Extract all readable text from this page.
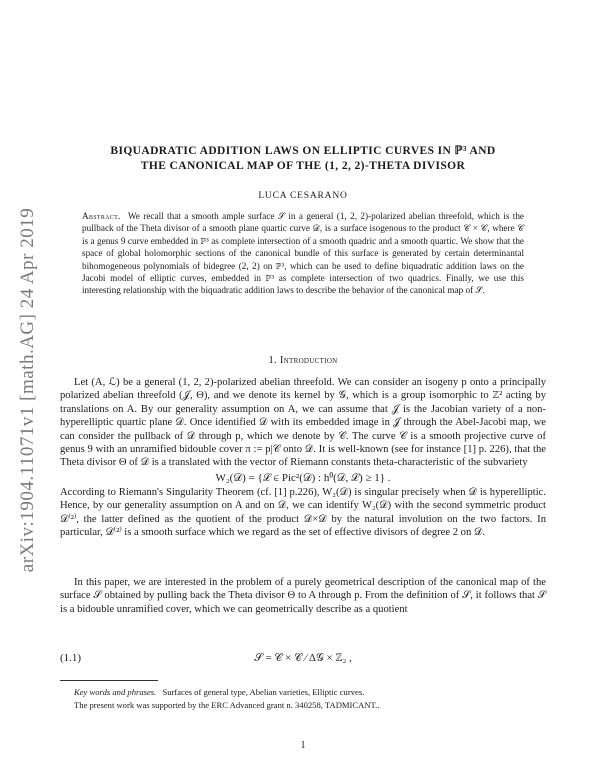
arXiv:1904.11071v1 [math.AG] 24 Apr 2019
BIQUADRATIC ADDITION LAWS ON ELLIPTIC CURVES IN ℙ³ AND
THE CANONICAL MAP OF THE (1, 2, 2)-THETA DIVISOR
LUCA CESARANO
Abstract. We recall that a smooth ample surface 𝒮 in a general (1, 2, 2)-polarized abelian threefold, which is the pullback of the Theta divisor of a smooth plane quartic curve 𝒟, is a surface isogenous to the product 𝒞 × 𝒞, where 𝒞 is a genus 9 curve embedded in ℙ³ as complete intersection of a smooth quadric and a smooth quartic. We show that the space of global holomorphic sections of the canonical bundle of this surface is generated by certain determinantal bihomogeneous polynomials of bidegree (2, 2) on ℙ³, which can be used to define biquadratic addition laws on the Jacobi model of elliptic curves, embedded in ℙ³ as complete intersection of two quadrics. Finally, we use this interesting relationship with the biquadratic addition laws to describe the behavior of the canonical map of 𝒮.
1. Introduction
Let (A, ℒ) be a general (1, 2, 2)-polarized abelian threefold. We can consider an isogeny p onto a principally polarized abelian threefold (𝒥, Θ), and we denote its kernel by 𝒢, which is a group isomorphic to ℤ² acting by translations on A. By our generality assumption on A, we can assume that 𝒥 is the Jacobian variety of a non-hyperelliptic quartic plane 𝒟. Once identified 𝒟 with its embedded image in 𝒥 through the Abel-Jacobi map, we can consider the pullback of 𝒟 through p, which we denote by 𝒞. The curve 𝒞 is a smooth projective curve of genus 9 with an unramified bidouble cover π := p|𝒞 onto 𝒟. It is well-known (see for instance [1] p. 226), that the Theta divisor Θ of 𝒟 is a translated with the vector of Riemann constants theta-characteristic of the subvariety
W₂(𝒟) = {ℒ ∈ Pic²(𝒟) : h⁰(𝒟, ℒ) ≥ 1} .
According to Riemann's Singularity Theorem (cf. [1] p.226), W₂(𝒟) is singular precisely when 𝒟 is hyperelliptic. Hence, by our generality assumption on A and on 𝒟, we can identify W₂(𝒟) with the second symmetric product 𝒟⁽²⁾, the latter defined as the quotient of the product 𝒟×𝒟 by the natural involution on the two factors. In particular, 𝒟⁽²⁾ is a smooth surface which we regard as the set of effective divisors of degree 2 on 𝒟.
In this paper, we are interested in the problem of a purely geometrical description of the canonical map of the surface 𝒮 obtained by pulling back the Theta divisor Θ to A through p. From the definition of 𝒮, it follows that 𝒮 is a bidouble unramified cover, which we can geometrically describe as a quotient
(1.1)	𝒮 = 𝒞 × 𝒞 ⁄ Δ𝒢 × ℤ₂ ,
Key words and phrases. Surfaces of general type, Abelian varieties, Elliptic curves.
The present work was supported by the ERC Advanced grant n. 340258, TADMICANT..
1
